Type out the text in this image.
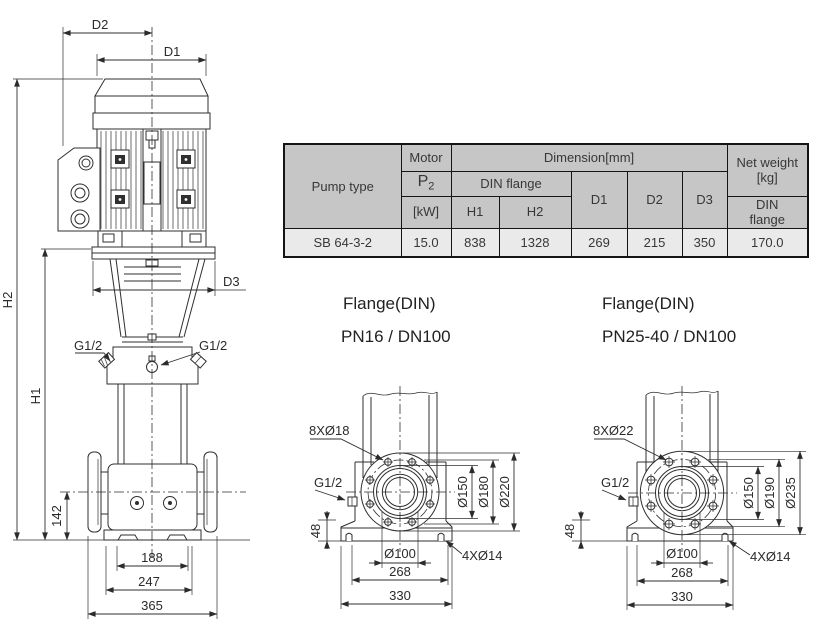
D2
D1
H2
H1
D3
G1/2	G1/2
142
188
247
365
8XØ18
G1/2	Ø150 Ø180 Ø220
48
Ø100	4XØ14
268
330
8XØ22
G1/2	Ø150 Ø190 Ø235
48
Ø100	4XØ14
268
330
Pump type	Motor	Dimension[mm]					Net weight
[kg]

	$P_2$	DIN flange		D1	D2	D3	
	[kW]	H1	H2				DIN
flange

SB 64-3-2	15.0	838	1328	269	215	350	170.0
Flange(DIN)
PN16 / DN100
Flange(DIN)
PN25-40 / DN100
